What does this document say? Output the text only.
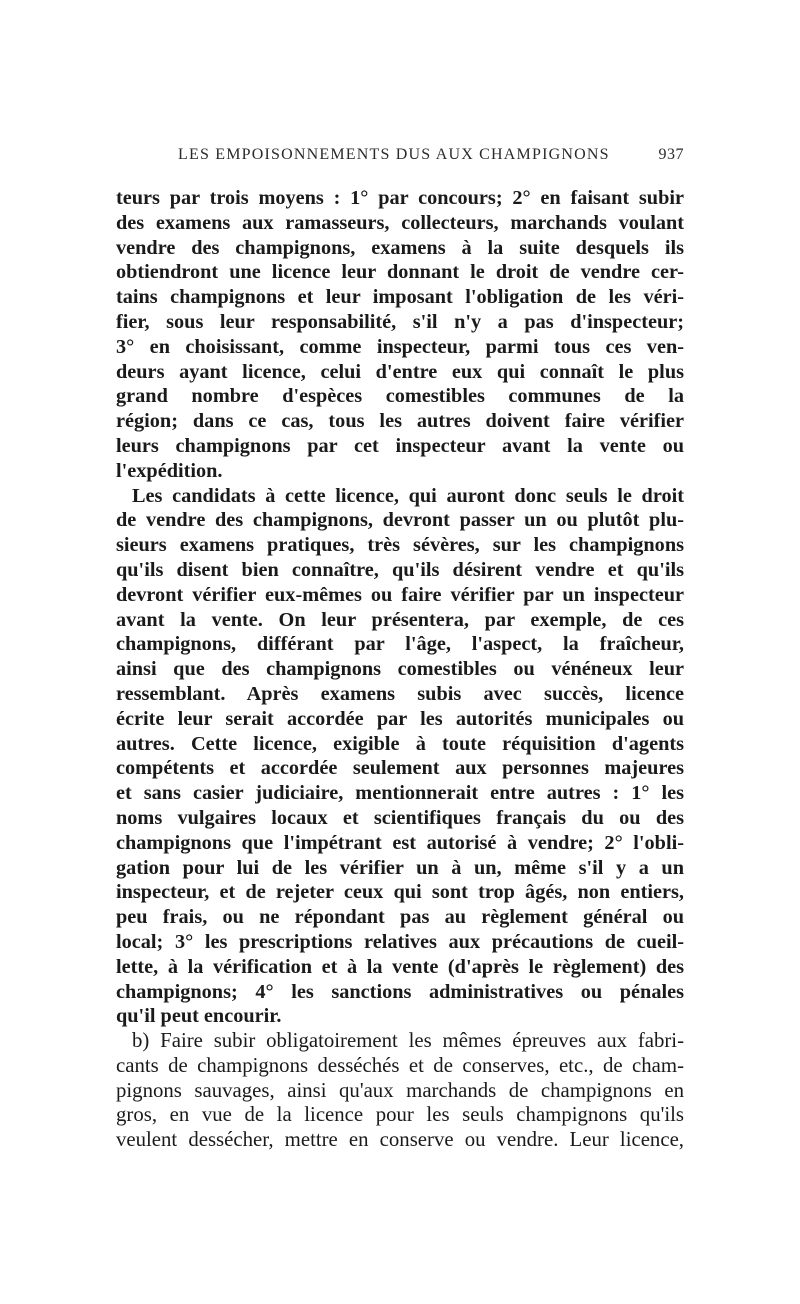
LES EMPOISONNEMENTS DUS AUX CHAMPIGNONS	937
teurs par trois moyens : 1° par concours; 2° en faisant subir
des examens aux ramasseurs, collecteurs, marchands voulant
vendre des champignons, examens à la suite desquels ils
obtiendront une licence leur donnant le droit de vendre cer-
tains champignons et leur imposant l'obligation de les véri-
fier, sous leur responsabilité, s'il n'y a pas d'inspecteur;
3° en choisissant, comme inspecteur, parmi tous ces ven-
deurs ayant licence, celui d'entre eux qui connaît le plus
grand nombre d'espèces comestibles communes de la
région; dans ce cas, tous les autres doivent faire vérifier
leurs champignons par cet inspecteur avant la vente ou
l'expédition.
Les candidats à cette licence, qui auront donc seuls le droit
de vendre des champignons, devront passer un ou plutôt plu-
sieurs examens pratiques, très sévères, sur les champignons
qu'ils disent bien connaître, qu'ils désirent vendre et qu'ils
devront vérifier eux-mêmes ou faire vérifier par un inspecteur
avant la vente. On leur présentera, par exemple, de ces
champignons, différant par l'âge, l'aspect, la fraîcheur,
ainsi que des champignons comestibles ou vénéneux leur
ressemblant. Après examens subis avec succès, licence
écrite leur serait accordée par les autorités municipales ou
autres. Cette licence, exigible à toute réquisition d'agents
compétents et accordée seulement aux personnes majeures
et sans casier judiciaire, mentionnerait entre autres : 1° les
noms vulgaires locaux et scientifiques français du ou des
champignons que l'impétrant est autorisé à vendre; 2° l'obli-
gation pour lui de les vérifier un à un, même s'il y a un
inspecteur, et de rejeter ceux qui sont trop âgés, non entiers,
peu frais, ou ne répondant pas au règlement général ou
local; 3° les prescriptions relatives aux précautions de cueil-
lette, à la vérification et à la vente (d'après le règlement) des
champignons; 4° les sanctions administratives ou pénales
qu'il peut encourir.
b) Faire subir obligatoirement les mêmes épreuves aux fabri-
cants de champignons desséchés et de conserves, etc., de cham-
pignons sauvages, ainsi qu'aux marchands de champignons en
gros, en vue de la licence pour les seuls champignons qu'ils
veulent dessécher, mettre en conserve ou vendre. Leur licence,
